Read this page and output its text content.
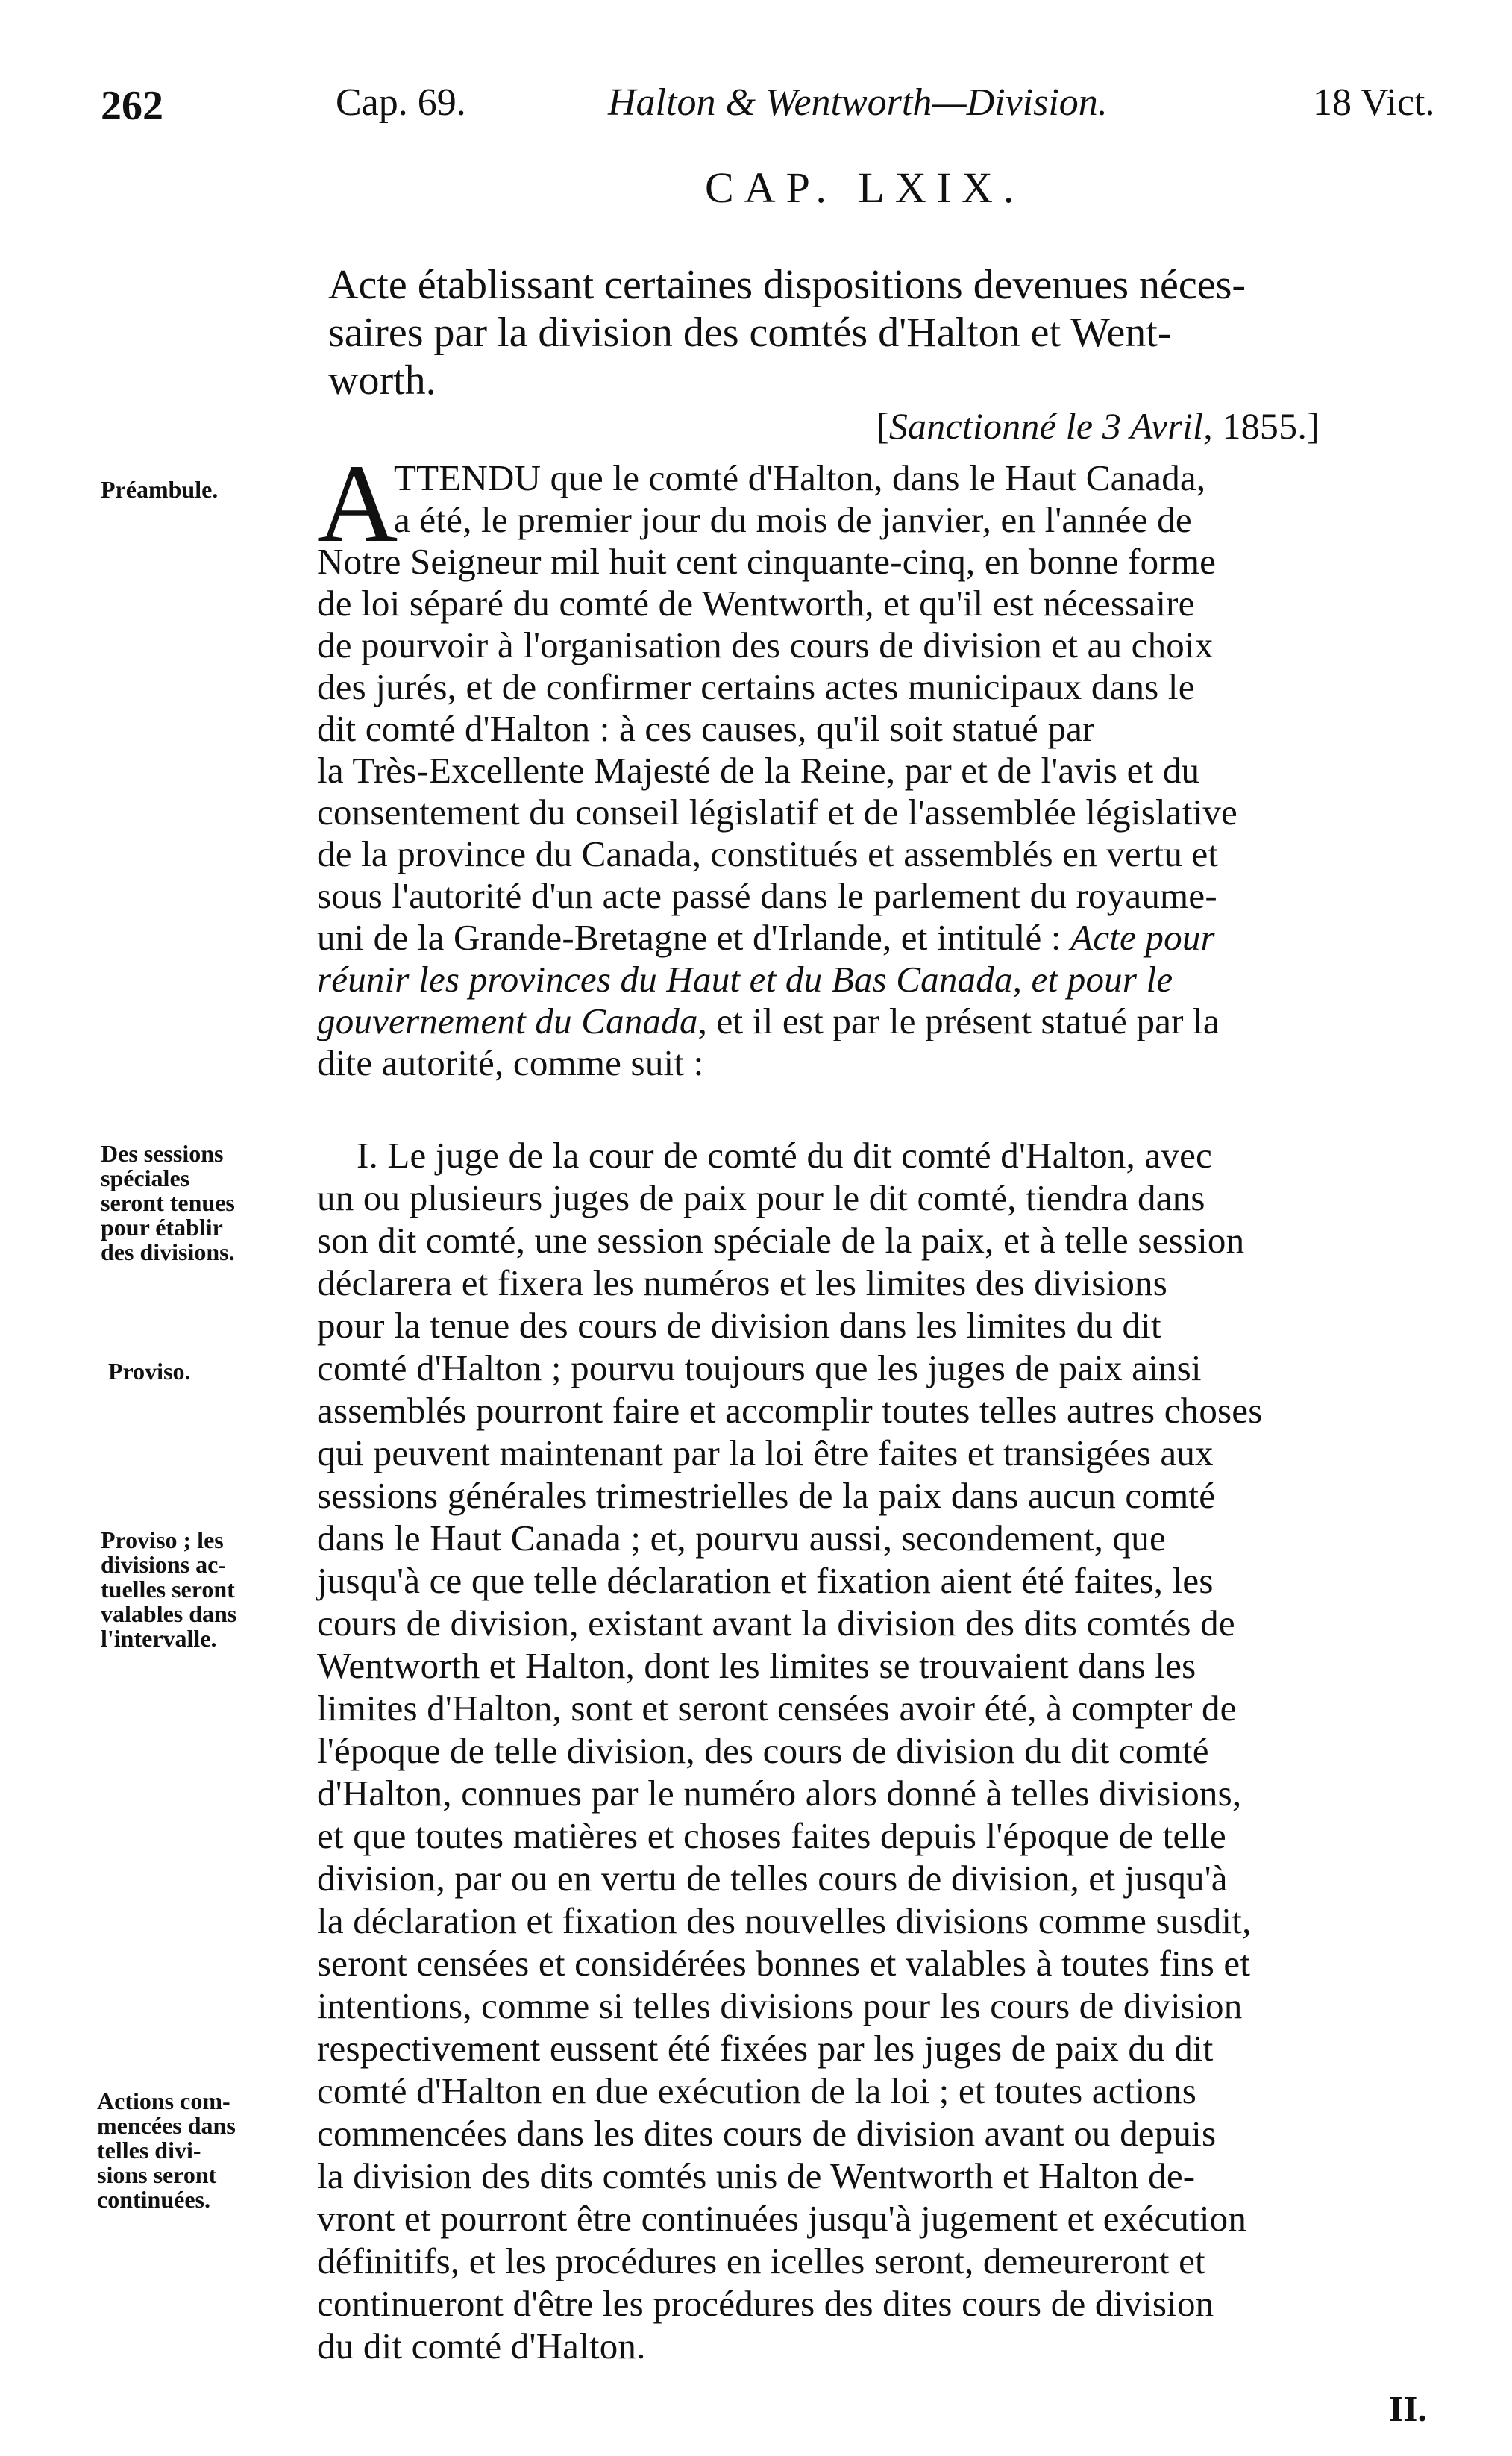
262	Cap. 69.	Halton & Wentworth—Division.	18 Vict.
CAP. LXIX.
Acte établissant certaines dispositions devenues néces-
saires par la division des comtés d'Halton et Went-
worth.
[Sanctionné le 3 Avril, 1855.]
Préambule. A
TTENDU que le comté d'Halton, dans le Haut Canada,
a été, le premier jour du mois de janvier, en l'année de
Notre Seigneur mil huit cent cinquante-cinq, en bonne forme
de loi séparé du comté de Wentworth, et qu'il est nécessaire
de pourvoir à l'organisation des cours de division et au choix
des jurés, et de confirmer certains actes municipaux dans le
dit comté d'Halton : à ces causes, qu'il soit statué par
la Très-Excellente Majesté de la Reine, par et de l'avis et du
consentement du conseil législatif et de l'assemblée législative
de la province du Canada, constitués et assemblés en vertu et
sous l'autorité d'un acte passé dans le parlement du royaume-
uni de la Grande-Bretagne et d'Irlande, et intitulé : Acte pour
réunir les provinces du Haut et du Bas Canada, et pour le
gouvernement du Canada, et il est par le présent statué par la
dite autorité, comme suit :
Des sessions
spéciales
seront tenues
pour établir
des divisions.
Proviso.
Proviso ; les
divisions ac-
tuelles seront
valables dans
l'intervalle.
Actions com-
mencées dans
telles divi-
sions seront
continuées.
I. Le juge de la cour de comté du dit comté d'Halton, avec
un ou plusieurs juges de paix pour le dit comté, tiendra dans
son dit comté, une session spéciale de la paix, et à telle session
déclarera et fixera les numéros et les limites des divisions
pour la tenue des cours de division dans les limites du dit
comté d'Halton ; pourvu toujours que les juges de paix ainsi
assemblés pourront faire et accomplir toutes telles autres choses
qui peuvent maintenant par la loi être faites et transigées aux
sessions générales trimestrielles de la paix dans aucun comté
dans le Haut Canada ; et, pourvu aussi, secondement, que
jusqu'à ce que telle déclaration et fixation aient été faites, les
cours de division, existant avant la division des dits comtés de
Wentworth et Halton, dont les limites se trouvaient dans les
limites d'Halton, sont et seront censées avoir été, à compter de
l'époque de telle division, des cours de division du dit comté
d'Halton, connues par le numéro alors donné à telles divisions,
et que toutes matières et choses faites depuis l'époque de telle
division, par ou en vertu de telles cours de division, et jusqu'à
la déclaration et fixation des nouvelles divisions comme susdit,
seront censées et considérées bonnes et valables à toutes fins et
intentions, comme si telles divisions pour les cours de division
respectivement eussent été fixées par les juges de paix du dit
comté d'Halton en due exécution de la loi ; et toutes actions
commencées dans les dites cours de division avant ou depuis
la division des dits comtés unis de Wentworth et Halton de-
vront et pourront être continuées jusqu'à jugement et exécution
définitifs, et les procédures en icelles seront, demeureront et
continueront d'être les procédures des dites cours de division
du dit comté d'Halton.
II.
